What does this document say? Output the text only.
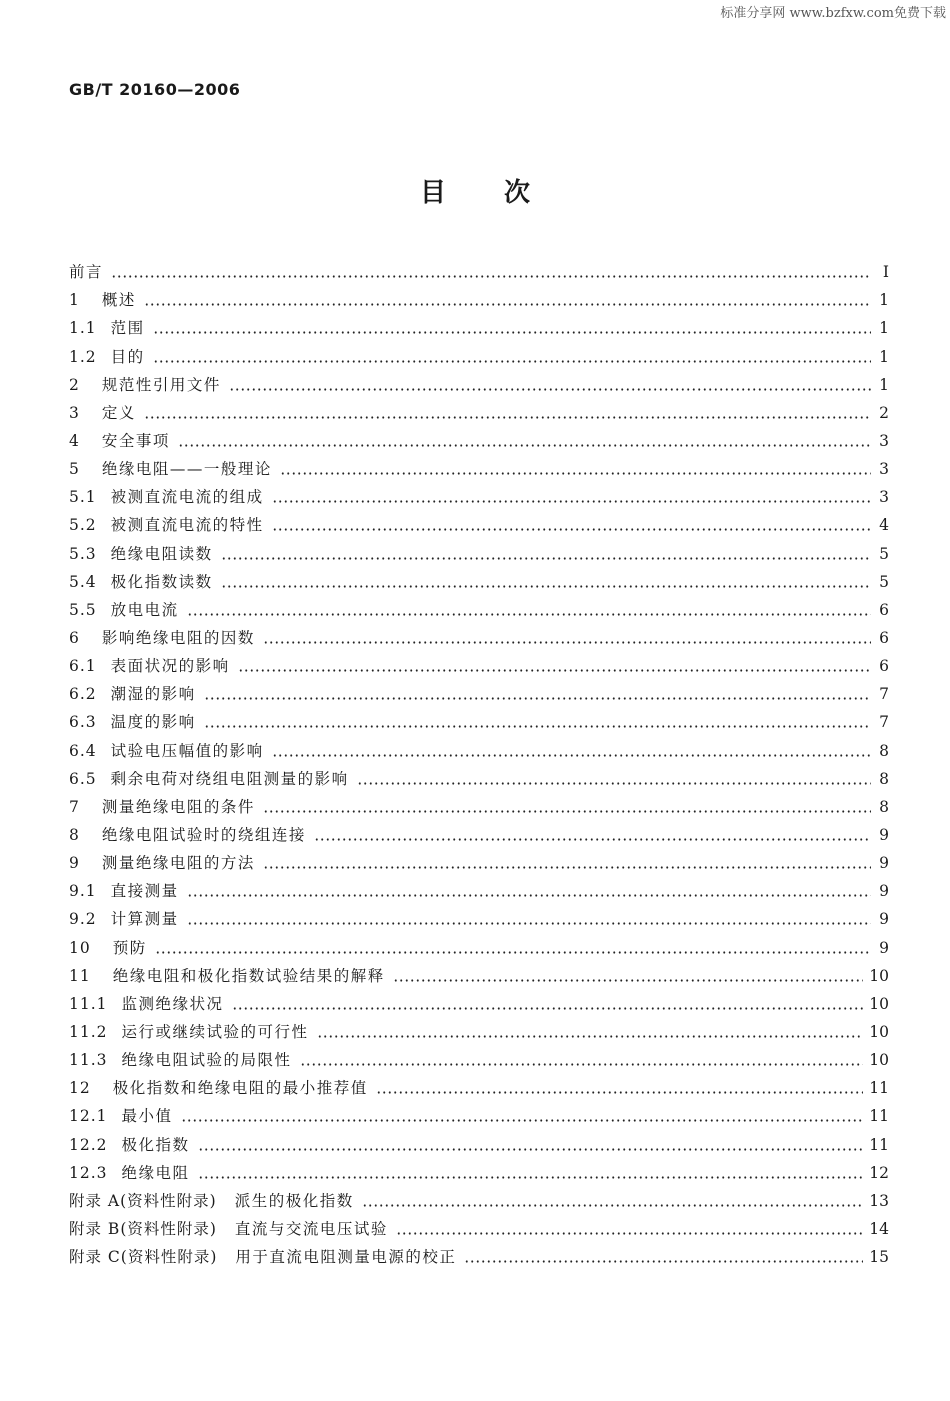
标准分享网 www.bzfxw.com免费下载
GB/T 20160—2006
目次
前言	I
1 概述	1
1.1 范围	1
1.2 目的	1
2 规范性引用文件	1
3 定义	2
4 安全事项	3
5 绝缘电阻——一般理论	3
5.1 被测直流电流的组成	3
5.2 被测直流电流的特性	4
5.3 绝缘电阻读数	5
5.4 极化指数读数	5
5.5 放电电流	6
6 影响绝缘电阻的因数	6
6.1 表面状况的影响	6
6.2 潮湿的影响	7
6.3 温度的影响	7
6.4 试验电压幅值的影响	8
6.5 剩余电荷对绕组电阻测量的影响	8
7 测量绝缘电阻的条件	8
8 绝缘电阻试验时的绕组连接	9
9 测量绝缘电阻的方法	9
9.1 直接测量	9
9.2 计算测量	9
10 预防	9
11 绝缘电阻和极化指数试验结果的解释	10
11.1 监测绝缘状况	10
11.2 运行或继续试验的可行性	10
11.3 绝缘电阻试验的局限性	10
12 极化指数和绝缘电阻的最小推荐值	11
12.1 最小值	11
12.2 极化指数	11
12.3 绝缘电阻	12
附录 A(资料性附录) 派生的极化指数	13
附录 B(资料性附录) 直流与交流电压试验	14
附录 C(资料性附录) 用于直流电阻测量电源的校正	15
